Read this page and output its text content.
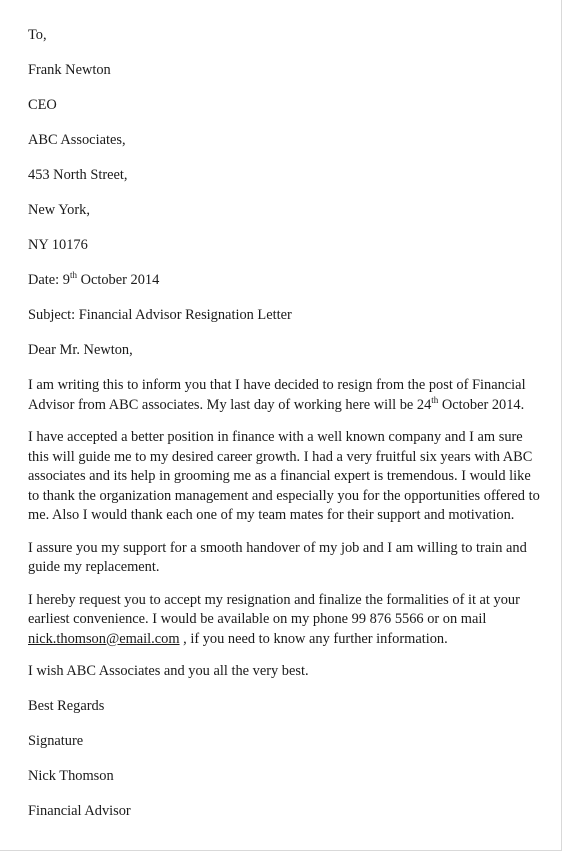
To,

Frank Newton

CEO

ABC Associates,

453 North Street,

New York,

NY 10176

Date: 9th October 2014

Subject: Financial Advisor Resignation Letter

Dear Mr. Newton,

I am writing this to inform you that I have decided to resign from the post of Financial Advisor from ABC associates. My last day of working here will be 24th October 2014.

I have accepted a better position in finance with a well known company and I am sure this will guide me to my desired career growth. I had a very fruitful six years with ABC associates and its help in grooming me as a financial expert is tremendous. I would like to thank the organization management and especially you for the opportunities offered to me. Also I would thank each one of my team mates for their support and motivation.

I assure you my support for a smooth handover of my job and I am willing to train and guide my replacement.

I hereby request you to accept my resignation and finalize the formalities of it at your earliest convenience. I would be available on my phone 99 876 5566 or on mail nick.thomson@email.com , if you need to know any further information.

I wish ABC Associates and you all the very best.

Best Regards

Signature

Nick Thomson

Financial Advisor
